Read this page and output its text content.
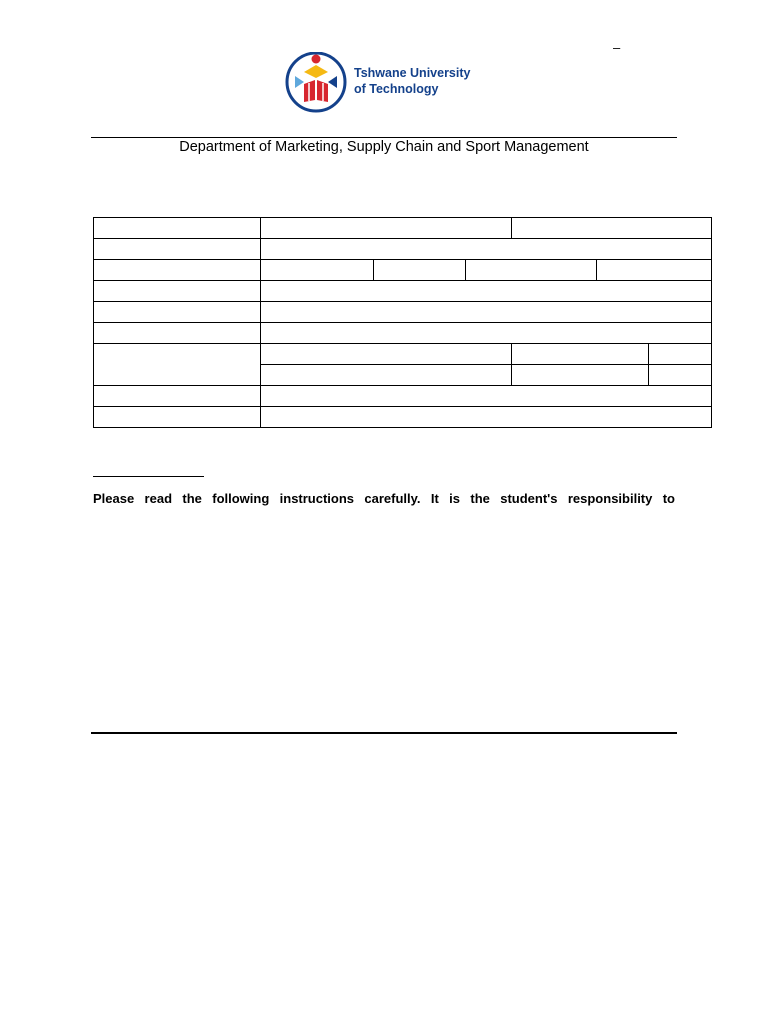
–
Tshwane University
of Technology
Department of Marketing, Supply Chain and Sport Management

Please read the following instructions carefully. It is the student's responsibility to
